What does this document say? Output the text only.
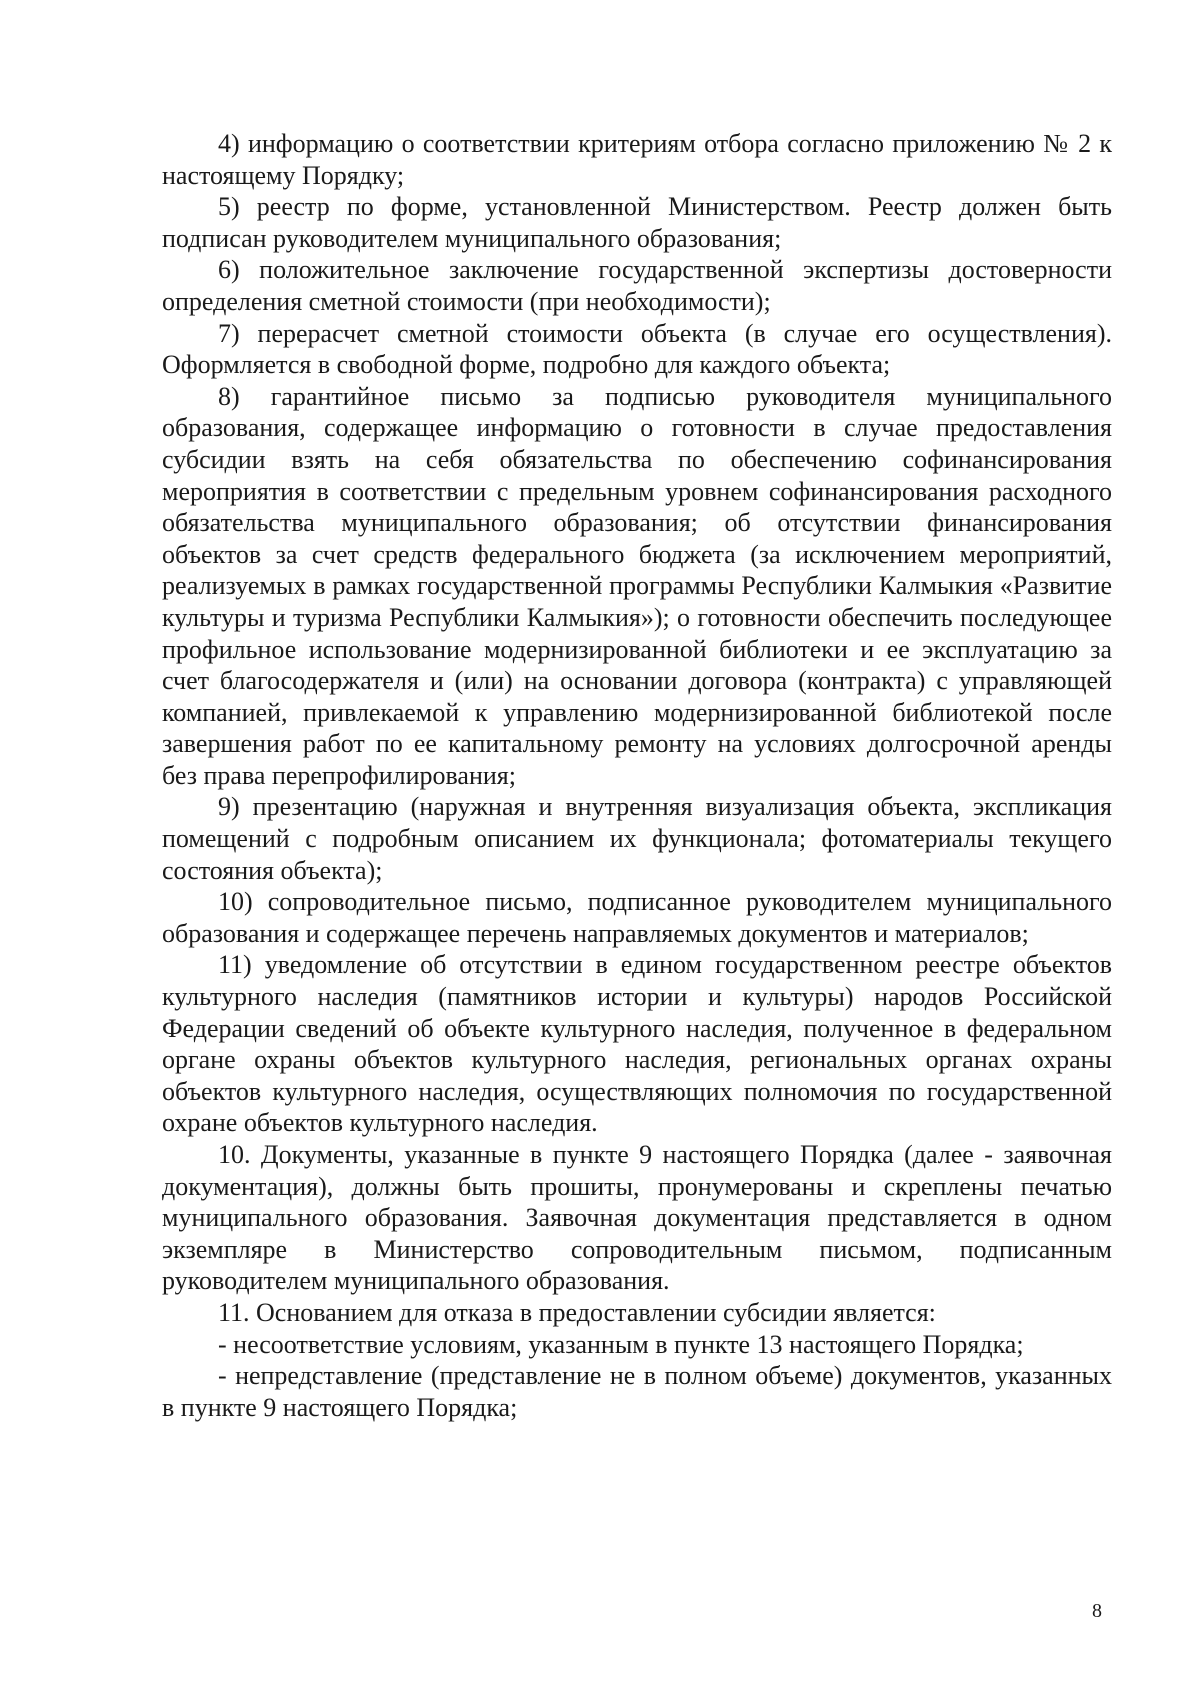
4) информацию о соответствии критериям отбора согласно приложению № 2 к настоящему Порядку;

5) реестр по форме, установленной Министерством. Реестр должен быть подписан руководителем муниципального образования;

6) положительное заключение государственной экспертизы достоверности определения сметной стоимости (при необходимости);

7) перерасчет сметной стоимости объекта (в случае его осуществления). Оформляется в свободной форме, подробно для каждого объекта;

8) гарантийное письмо за подписью руководителя муниципального образования, содержащее информацию о готовности в случае предоставления субсидии взять на себя обязательства по обеспечению софинансирования мероприятия в соответствии с предельным уровнем софинансирования расходного обязательства муниципального образования; об отсутствии финансирования объектов за счет средств федерального бюджета (за исключением мероприятий, реализуемых в рамках государственной программы Республики Калмыкия «Развитие культуры и туризма Республики Калмыкия»); о готовности обеспечить последующее профильное использование модернизированной библиотеки и ее эксплуатацию за счет благосодержателя и (или) на основании договора (контракта) с управляющей компанией, привлекаемой к управлению модернизированной библиотекой после завершения работ по ее капитальному ремонту на условиях долгосрочной аренды без права перепрофилирования;

9) презентацию (наружная и внутренняя визуализация объекта, экспликация помещений с подробным описанием их функционала; фотоматериалы текущего состояния объекта);

10) сопроводительное письмо, подписанное руководителем муниципального образования и содержащее перечень направляемых документов и материалов;

11) уведомление об отсутствии в едином государственном реестре объектов культурного наследия (памятников истории и культуры) народов Российской Федерации сведений об объекте культурного наследия, полученное в федеральном органе охраны объектов культурного наследия, региональных органах охраны объектов культурного наследия, осуществляющих полномочия по государственной охране объектов культурного наследия.

10. Документы, указанные в пункте 9 настоящего Порядка (далее - заявочная документация), должны быть прошиты, пронумерованы и скреплены печатью муниципального образования. Заявочная документация представляется в одном экземпляре в Министерство сопроводительным письмом, подписанным руководителем муниципального образования.

11. Основанием для отказа в предоставлении субсидии является:

- несоответствие условиям, указанным в пункте 13 настоящего Порядка;

- непредставление (представление не в полном объеме) документов, указанных в пункте 9 настоящего Порядка;

8
